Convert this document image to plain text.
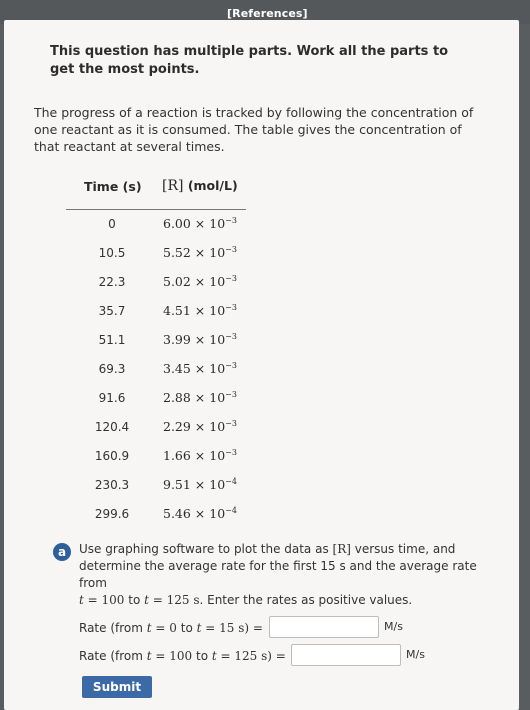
[References]
This question has multiple parts. Work all the parts to get the most points.
The progress of a reaction is tracked by following the concentration of one reactant as it is consumed. The table gives the concentration of that reactant at several times.
Time (s) [R] (mol/L)
0	$6.00 \times 10^{-3}$
10.5	$5.52 \times 10^{-3}$
22.3	$5.02 \times 10^{-3}$
35.7	$4.51 \times 10^{-3}$
51.1	$3.99 \times 10^{-3}$
69.3	$3.45 \times 10^{-3}$
91.6	$2.88 \times 10^{-3}$
120.4	$2.29 \times 10^{-3}$
160.9	$1.66 \times 10^{-3}$
230.3	$9.51 \times 10^{-4}$
299.6	$5.46 \times 10^{-4}$
a	Use graphing software to plot the data as [R] versus time, and
determine the average rate for the first 15 s and the average rate from
t = 100 to t = 125 s. Enter the rates as positive values.
Rate (from t = 0 to t = 15 s) =	M/s
Rate (from t = 100 to t = 125 s) =	M/s
Submit
